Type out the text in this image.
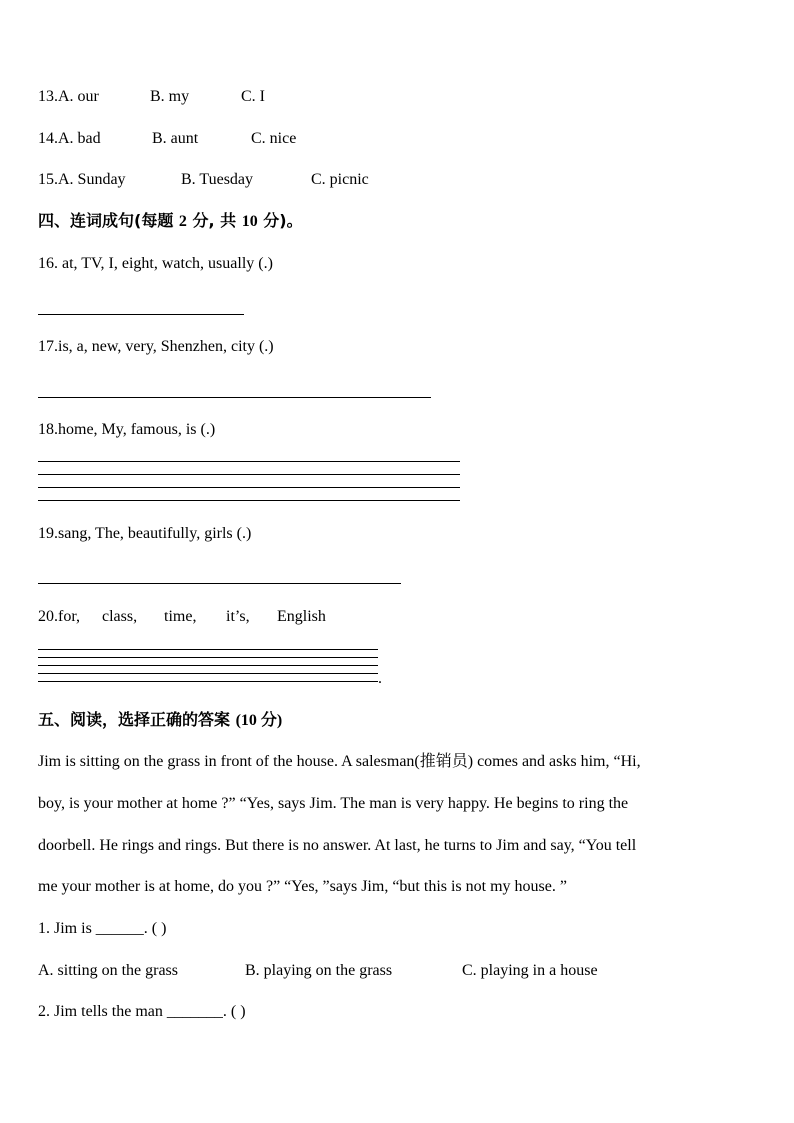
13.A. our	B. my	C. I
14.A. bad	B. aunt	C. nice
15.A. Sunday	B. Tuesday	C. picnic
四、连词成句(每题 2 分, 共 10 分)。
16. at, TV, I, eight, watch, usually (.)
17.is, a, new, very, Shenzhen, city (.)
18.home, My, famous, is (.)
19.sang, The, beautifully, girls (.)
20.for, class, time, it’s, English
.
五、阅读，选择正确的答案 (10 分)
Jim is sitting on the grass in front of the house. A salesman(推销员) comes and asks him, “Hi,
boy, is your mother at home ?” “Yes, says Jim. The man is very happy. He begins to ring the
doorbell. He rings and rings. But there is no answer. At last, he turns to Jim and say, “You tell
me your mother is at home, do you ?” “Yes, ”says Jim, “but this is not my house. ”
1. Jim is ______. ( )
A. sitting on the grass	B. playing on the grass	C. playing in a house
2. Jim tells the man _______. ( )
